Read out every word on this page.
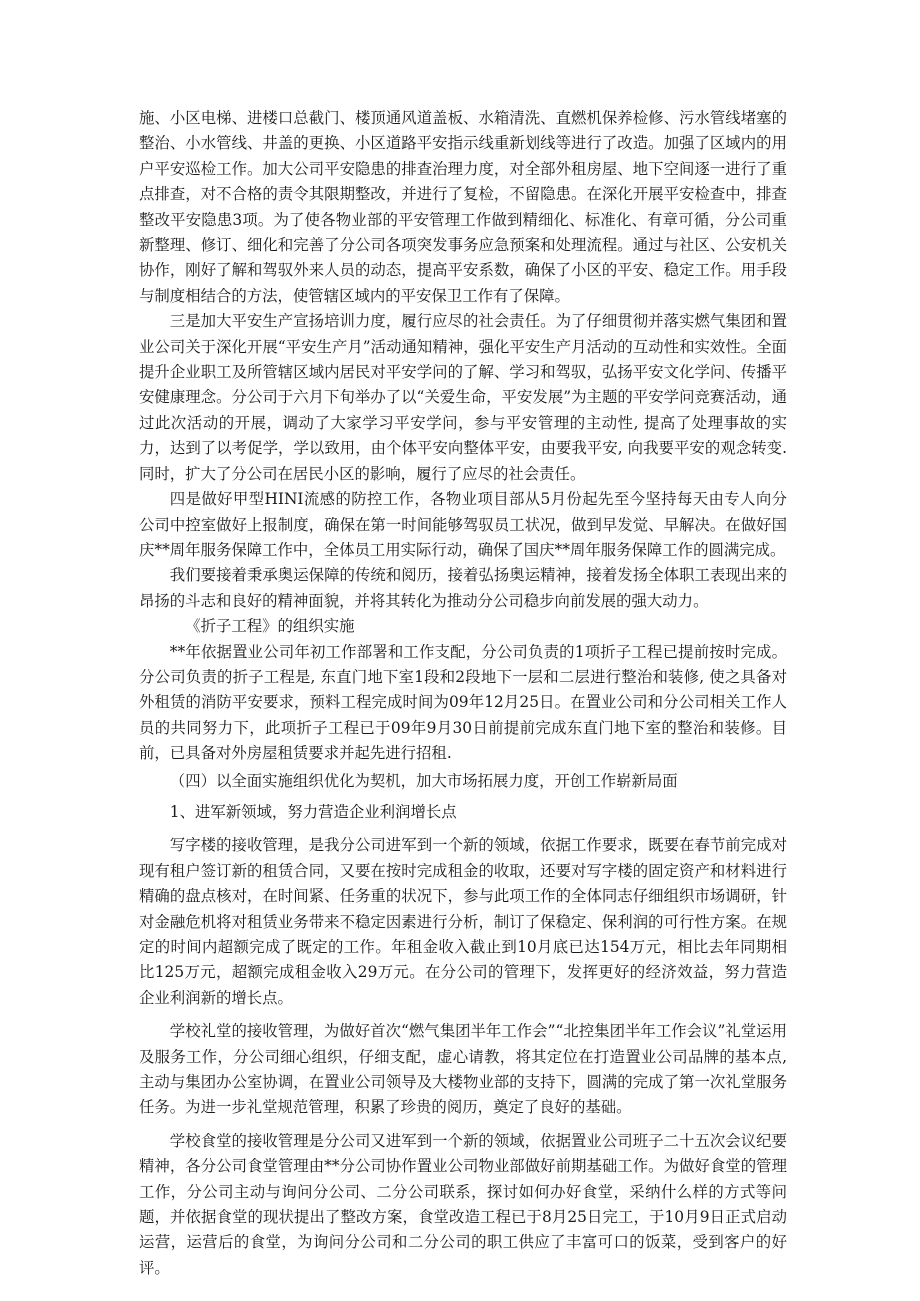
施、小区电梯、进楼口总截门、楼顶通风道盖板、水箱清洗、直燃机保养检修、污水管线堵塞的整治、小水管线、井盖的更换、小区道路平安指示线重新划线等进行了改造。加强了区域内的用户平安巡检工作。加大公司平安隐患的排查治理力度，对全部外租房屋、地下空间逐一进行了重点排查，对不合格的责令其限期整改，并进行了复检，不留隐患。在深化开展平安检查中，排查整改平安隐患3项。为了使各物业部的平安管理工作做到精细化、标准化、有章可循，分公司重新整理、修订、细化和完善了分公司各项突发事务应急预案和处理流程。通过与社区、公安机关协作，刚好了解和驾驭外来人员的动态，提高平安系数，确保了小区的平安、稳定工作。用手段与制度相结合的方法，使管辖区域内的平安保卫工作有了保障。

三是加大平安生产宣扬培训力度，履行应尽的社会责任。为了仔细贯彻并落实燃气集团和置业公司关于深化开展“平安生产月”活动通知精神，强化平安生产月活动的互动性和实效性。全面提升企业职工及所管辖区域内居民对平安学问的了解、学习和驾驭，弘扬平安文化学问、传播平安健康理念。分公司于六月下旬举办了以“关爱生命，平安发展”为主题的平安学问竞赛活动，通过此次活动的开展，调动了大家学习平安学问，参与平安管理的主动性, 提高了处理事故的实力，达到了以考促学，学以致用，由个体平安向整体平安，由要我平安, 向我要平安的观念转变. 同时，扩大了分公司在居民小区的影响，履行了应尽的社会责任。

四是做好甲型HINI流感的防控工作，各物业项目部从5月份起先至今坚持每天由专人向分公司中控室做好上报制度，确保在第一时间能够驾驭员工状况，做到早发觉、早解决。在做好国庆**周年服务保障工作中，全体员工用实际行动，确保了国庆**周年服务保障工作的圆满完成。

我们要接着秉承奥运保障的传统和阅历，接着弘扬奥运精神，接着发扬全体职工表现出来的昂扬的斗志和良好的精神面貌，并将其转化为推动分公司稳步向前发展的强大动力。

《折子工程》的组织实施

**年依据置业公司年初工作部署和工作支配，分公司负责的1项折子工程已提前按时完成。分公司负责的折子工程是, 东直门地下室1段和2段地下一层和二层进行整治和装修, 使之具备对外租赁的消防平安要求，预料工程完成时间为09年12月25日。在置业公司和分公司相关工作人员的共同努力下，此项折子工程已于09年9月30日前提前完成东直门地下室的整治和装修。目前，已具备对外房屋租赁要求并起先进行招租.

（四）以全面实施组织优化为契机，加大市场拓展力度，开创工作崭新局面

1、进军新领域，努力营造企业利润增长点

写字楼的接收管理，是我分公司进军到一个新的领域，依据工作要求，既要在春节前完成对现有租户签订新的租赁合同，又要在按时完成租金的收取，还要对写字楼的固定资产和材料进行精确的盘点核对，在时间紧、任务重的状况下，参与此项工作的全体同志仔细组织市场调研，针对金融危机将对租赁业务带来不稳定因素进行分析，制订了保稳定、保利润的可行性方案。在规定的时间内超额完成了既定的工作。年租金收入截止到10月底已达154万元，相比去年同期相比125万元，超额完成租金收入29万元。在分公司的管理下，发挥更好的经济效益，努力营造企业利润新的增长点。

学校礼堂的接收管理，为做好首次“燃气集团半年工作会”“北控集团半年工作会议”礼堂运用及服务工作，分公司细心组织，仔细支配，虚心请教，将其定位在打造置业公司品牌的基本点, 主动与集团办公室协调，在置业公司领导及大楼物业部的支持下，圆满的完成了第一次礼堂服务任务。为进一步礼堂规范管理，积累了珍贵的阅历，奠定了良好的基础。

学校食堂的接收管理是分公司又进军到一个新的领域，依据置业公司班子二十五次会议纪要精神，各分公司食堂管理由**分公司协作置业公司物业部做好前期基础工作。为做好食堂的管理工作，分公司主动与询问分公司、二分公司联系，探讨如何办好食堂，采纳什么样的方式等问题，并依据食堂的现状提出了整改方案，食堂改造工程已于8月25日完工，于10月9日正式启动运营，运营后的食堂，为询问分公司和二分公司的职工供应了丰富可口的饭菜，受到客户的好评。
